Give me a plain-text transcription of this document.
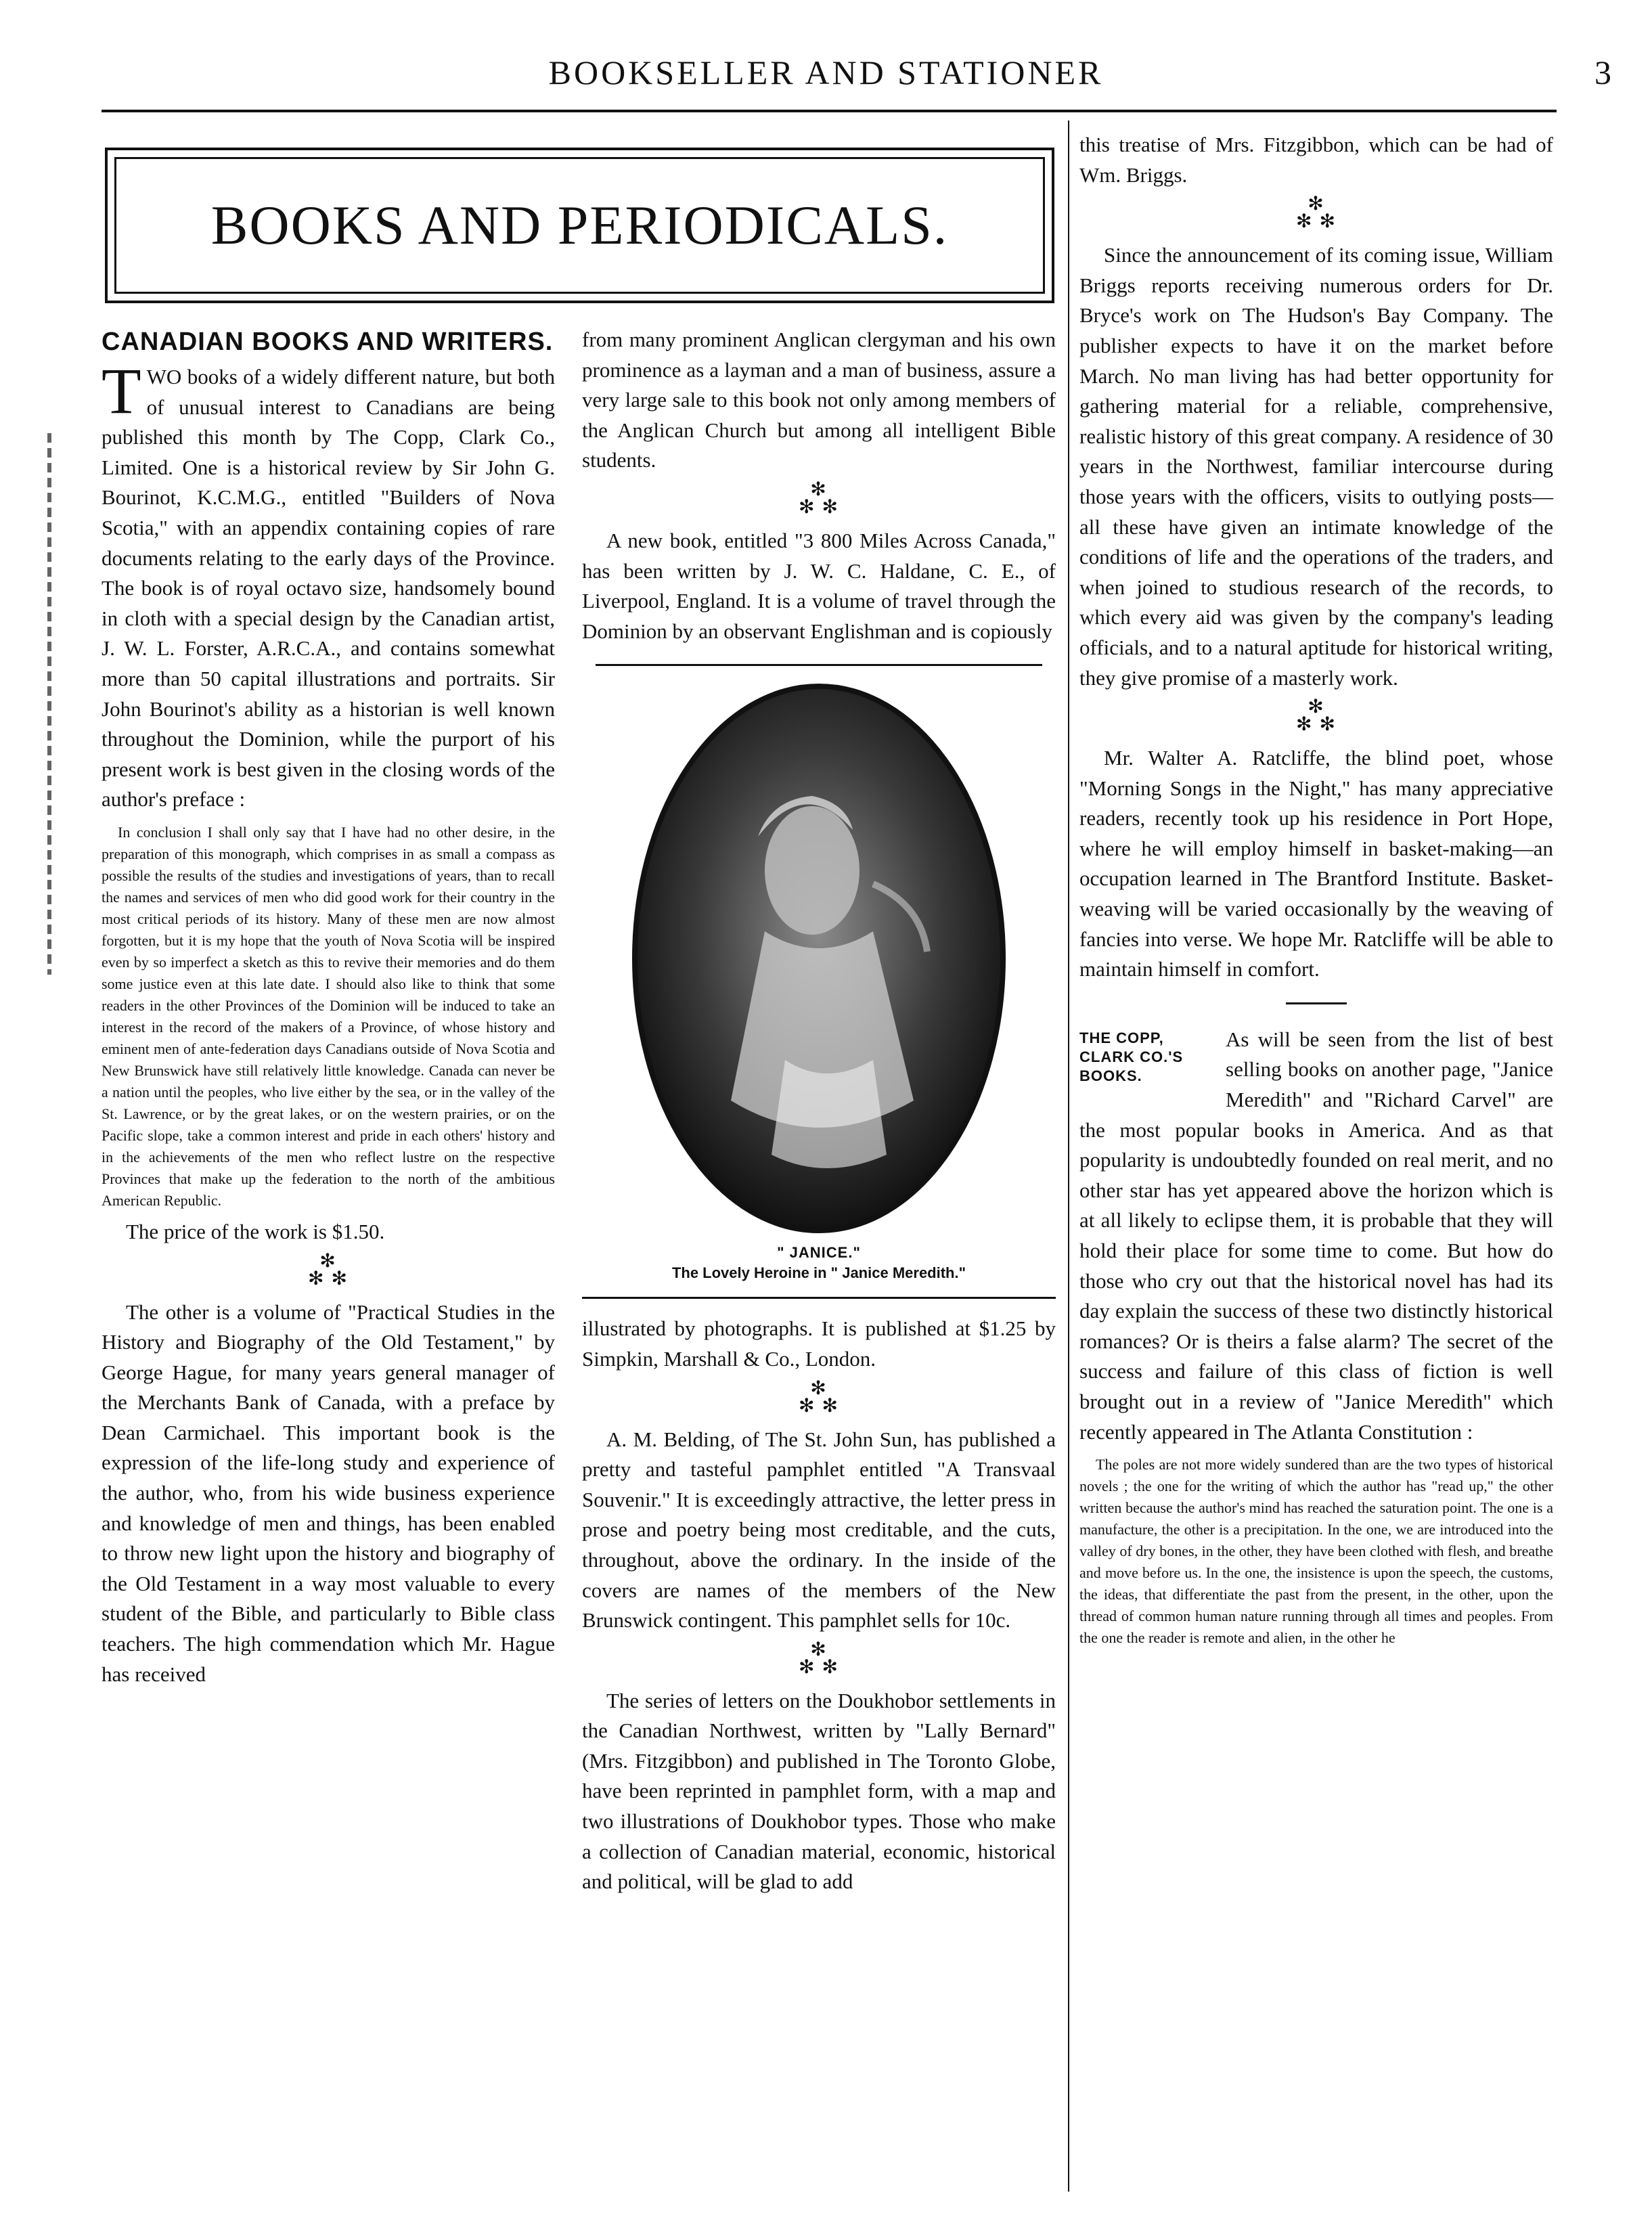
BOOKSELLER AND STATIONER	3
BOOKS AND PERIODICALS.
CANADIAN BOOKS AND WRITERS.

TWO books of a widely different nature, but both of unusual interest to Canadians are being published this month by The Copp, Clark Co., Limited. One is a historical review by Sir John G. Bourinot, K.C.M.G., entitled "Builders of Nova Scotia," with an appendix containing copies of rare documents relating to the early days of the Province. The book is of royal octavo size, handsomely bound in cloth with a special design by the Canadian artist, J. W. L. Forster, A.R.C.A., and contains somewhat more than 50 capital illustrations and portraits. Sir John Bourinot's ability as a historian is well known throughout the Dominion, while the purport of his present work is best given in the closing words of the author's preface :

In conclusion I shall only say that I have had no other desire, in the preparation of this monograph, which comprises in as small a compass as possible the results of the studies and investigations of years, than to recall the names and services of men who did good work for their country in the most critical periods of its history. Many of these men are now almost forgotten, but it is my hope that the youth of Nova Scotia will be inspired even by so imperfect a sketch as this to revive their memories and do them some justice even at this late date. I should also like to think that some readers in the other Provinces of the Dominion will be induced to take an interest in the record of the makers of a Province, of whose history and eminent men of ante-federation days Canadians outside of Nova Scotia and New Brunswick have still relatively little knowledge. Canada can never be a nation until the peoples, who live either by the sea, or in the valley of the St. Lawrence, or by the great lakes, or on the western prairies, or on the Pacific slope, take a common interest and pride in each others' history and in the achievements of the men who reflect lustre on the respective Provinces that make up the federation to the north of the ambitious American Republic.

The price of the work is $1.50.

✻
✻ ✻

The other is a volume of "Practical Studies in the History and Biography of the Old Testament," by George Hague, for many years general manager of the Merchants Bank of Canada, with a preface by Dean Carmichael. This important book is the expression of the life-long study and experience of the author, who, from his wide business experience and knowledge of men and things, has been enabled to throw new light upon the history and biography of the Old Testament in a way most valuable to every student of the Bible, and particularly to Bible class teachers. The high commendation which Mr. Hague has received

from many prominent Anglican clergyman and his own prominence as a layman and a man of business, assure a very large sale to this book not only among members of the Anglican Church but among all intelligent Bible students.

✻
✻ ✻

A new book, entitled "3 800 Miles Across Canada," has been written by J. W. C. Haldane, C. E., of Liverpool, England. It is a volume of travel through the Dominion by an observant Englishman and is copiously

" JANICE."
The Lovely Heroine in " Janice Meredith."

illustrated by photographs. It is published at $1.25 by Simpkin, Marshall & Co., London.

✻
✻ ✻

A. M. Belding, of The St. John Sun, has published a pretty and tasteful pamphlet entitled "A Transvaal Souvenir." It is exceedingly attractive, the letter press in prose and poetry being most creditable, and the cuts, throughout, above the ordinary. In the inside of the covers are names of the members of the New Brunswick contingent. This pamphlet sells for 10c.

✻
✻ ✻

The series of letters on the Doukhobor settlements in the Canadian Northwest, written by "Lally Bernard" (Mrs. Fitzgibbon) and published in The Toronto Globe, have been reprinted in pamphlet form, with a map and two illustrations of Doukhobor types. Those who make a collection of Canadian material, economic, historical and political, will be glad to add

this treatise of Mrs. Fitzgibbon, which can be had of Wm. Briggs.

✻
✻ ✻

Since the announcement of its coming issue, William Briggs reports receiving numerous orders for Dr. Bryce's work on The Hudson's Bay Company. The publisher expects to have it on the market before March. No man living has had better opportunity for gathering material for a reliable, comprehensive, realistic history of this great company. A residence of 30 years in the Northwest, familiar intercourse during those years with the officers, visits to outlying posts—all these have given an intimate knowledge of the conditions of life and the operations of the traders, and when joined to studious research of the records, to which every aid was given by the company's leading officials, and to a natural aptitude for historical writing, they give promise of a masterly work.

✻
✻ ✻

Mr. Walter A. Ratcliffe, the blind poet, whose "Morning Songs in the Night," has many appreciative readers, recently took up his residence in Port Hope, where he will employ himself in basket-making—an occupation learned in The Brantford Institute. Basket-weaving will be varied occasionally by the weaving of fancies into verse. We hope Mr. Ratcliffe will be able to maintain himself in comfort.

THE COPP, CLARK CO.'S BOOKS.

As will be seen from the list of best selling books on another page, "Janice Meredith" and "Richard Carvel" are the most popular books in America. And as that popularity is undoubtedly founded on real merit, and no other star has yet appeared above the horizon which is at all likely to eclipse them, it is probable that they will hold their place for some time to come. But how do those who cry out that the historical novel has had its day explain the success of these two distinctly historical romances? Or is theirs a false alarm? The secret of the success and failure of this class of fiction is well brought out in a review of "Janice Meredith" which recently appeared in The Atlanta Constitution :

The poles are not more widely sundered than are the two types of historical novels ; the one for the writing of which the author has "read up," the other written because the author's mind has reached the saturation point. The one is a manufacture, the other is a precipitation. In the one, we are introduced into the valley of dry bones, in the other, they have been clothed with flesh, and breathe and move before us. In the one, the insistence is upon the speech, the customs, the ideas, that differentiate the past from the present, in the other, upon the thread of common human nature running through all times and peoples. From the one the reader is remote and alien, in the other he
